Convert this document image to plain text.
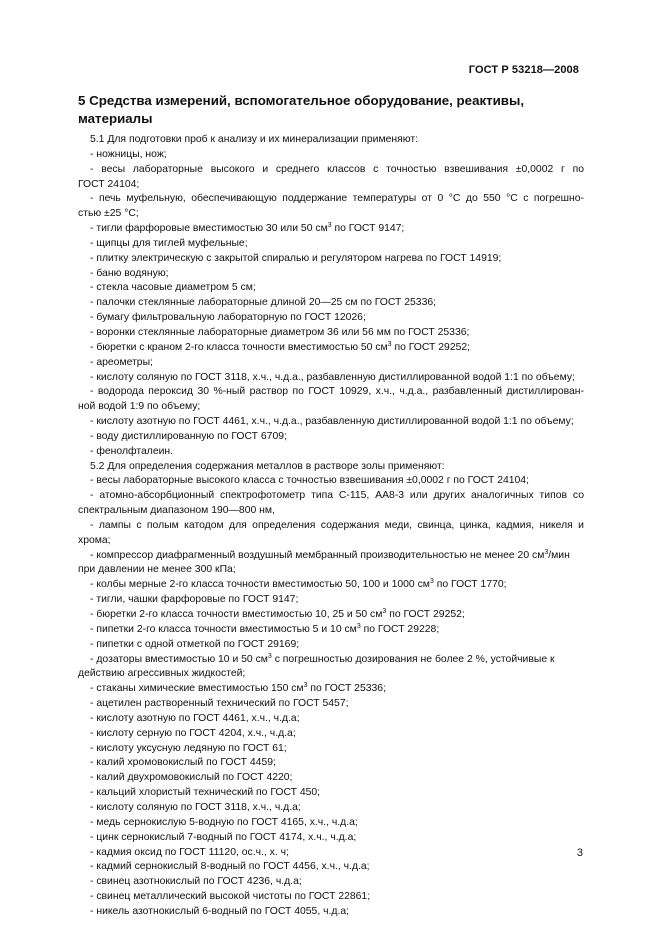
ГОСТ Р 53218—2008
5 Средства измерений, вспомогательное оборудование, реактивы, материалы
5.1 Для подготовки проб к анализу и их минерализации применяют:
- ножницы, нож;
- весы лабораторные высокого и среднего классов с точностью взвешивания ±0,0002 г по
ГОСТ 24104;
- печь муфельную, обеспечивающую поддержание температуры от 0 °С до 550 °С с погрешно-
стью ±25 °С;
- тигли фарфоровые вместимостью 30 или 50 $см^3$ по ГОСТ 9147;
- щипцы для тиглей муфельные;
- плитку электрическую с закрытой спиралью и регулятором нагрева по ГОСТ 14919;
- баню водяную;
- стекла часовые диаметром 5 см;
- палочки стеклянные лабораторные длиной 20—25 см по ГОСТ 25336;
- бумагу фильтровальную лабораторную по ГОСТ 12026;
- воронки стеклянные лабораторные диаметром 36 или 56 мм по ГОСТ 25336;
- бюретки с краном 2-го класса точности вместимостью 50 $см^3$ по ГОСТ 29252;
- ареометры;
- кислоту соляную по ГОСТ 3118, х.ч., ч.д.а., разбавленную дистиллированной водой 1:1 по объему;
- водорода пероксид 30 %-ный раствор по ГОСТ 10929, х.ч., ч.д.а., разбавленный дистиллирован-
ной водой 1:9 по объему;
- кислоту азотную по ГОСТ 4461, х.ч., ч.д.а., разбавленную дистиллированной водой 1:1 по объему;
- воду дистиллированную по ГОСТ 6709;
- фенолфталеин.
5.2 Для определения содержания металлов в растворе золы применяют:
- весы лабораторные высокого класса с точностью взвешивания ±0,0002 г по ГОСТ 24104;
- атомно-абсорбционный спектрофотометр типа С-115, АА8-3 или других аналогичных типов со
спектральным диапазоном 190—800 нм,
- лампы с полым катодом для определения содержания меди, свинца, цинка, кадмия, никеля и
хрома;
- компрессор диафрагменный воздушный мембранный производительностью не менее 20 $см^3$/мин
при давлении не менее 300 кПа;
- колбы мерные 2-го класса точности вместимостью 50, 100 и 1000 $см^3$ по ГОСТ 1770;
- тигли, чашки фарфоровые по ГОСТ 9147;
- бюретки 2-го класса точности вместимостью 10, 25 и 50 $см^3$ по ГОСТ 29252;
- пипетки 2-го класса точности вместимостью 5 и 10 $см^3$ по ГОСТ 29228;
- пипетки с одной отметкой по ГОСТ 29169;
- дозаторы вместимостью 10 и 50 $см^3$ с погрешностью дозирования не более 2 %, устойчивые к
действию агрессивных жидкостей;
- стаканы химические вместимостью 150 $см^3$ по ГОСТ 25336;
- ацетилен растворенный технический по ГОСТ 5457;
- кислоту азотную по ГОСТ 4461, х.ч., ч.д.а;
- кислоту серную по ГОСТ 4204, х.ч., ч.д.а;
- кислоту уксусную ледяную по ГОСТ 61;
- калий хромовокислый по ГОСТ 4459;
- калий двухромовокислый по ГОСТ 4220;
- кальций хлористый технический по ГОСТ 450;
- кислоту соляную по ГОСТ 3118, х.ч., ч.д.а;
- медь сернокислую 5-водную по ГОСТ 4165, х.ч., ч.д.а;
- цинк сернокислый 7-водный по ГОСТ 4174, х.ч., ч.д.а;
- кадмия оксид по ГОСТ 11120, ос.ч., х. ч;
- кадмий сернокислый 8-водный по ГОСТ 4456, х.ч., ч.д.а;
- свинец азотнокислый по ГОСТ 4236, ч.д.а;
- свинец металлический высокой чистоты по ГОСТ 22861;
- никель азотнокислый 6-водный по ГОСТ 4055, ч.д.а;
3
